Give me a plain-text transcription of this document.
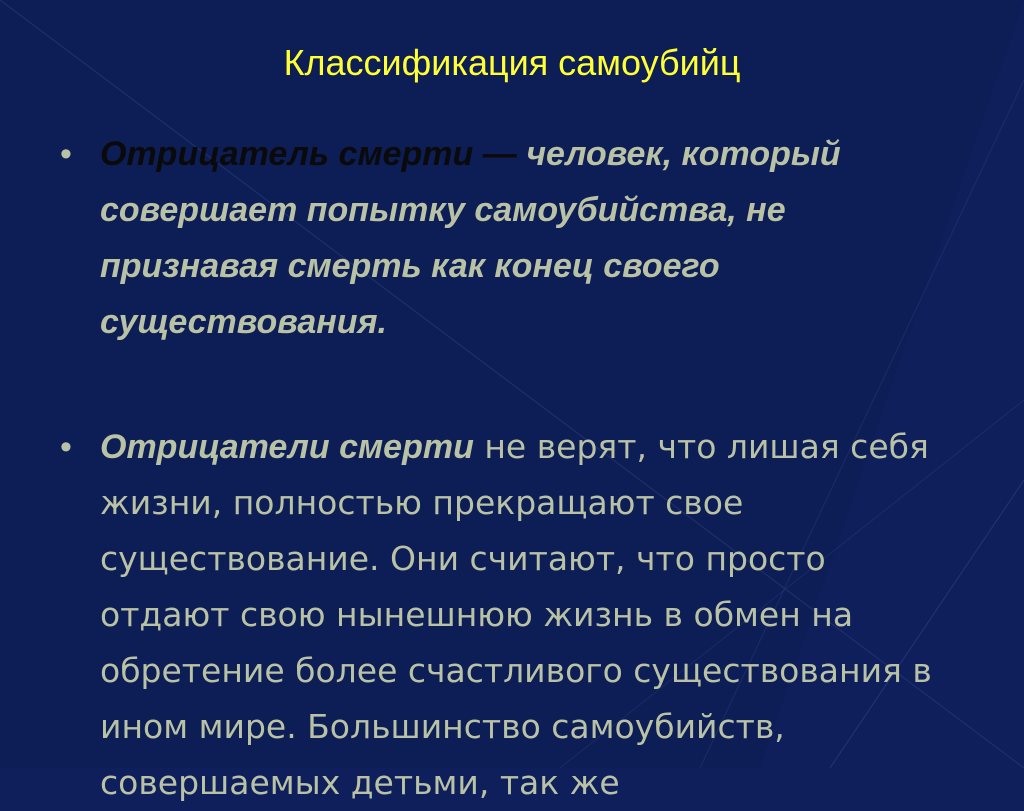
Классификация самоубийц
• Отрицатель смерти — человек, который совершает попытку самоубийства, не признавая смерть как конец своего существования.
• Отрицатели смерти не верят, что лишая себя жизни, полностью прекращают свое существование. Они считают, что просто отдают свою нынешнюю жизнь в обмен на обретение более счастливого существования в ином мире. Большинство самоубийств, совершаемых детьми, так же
